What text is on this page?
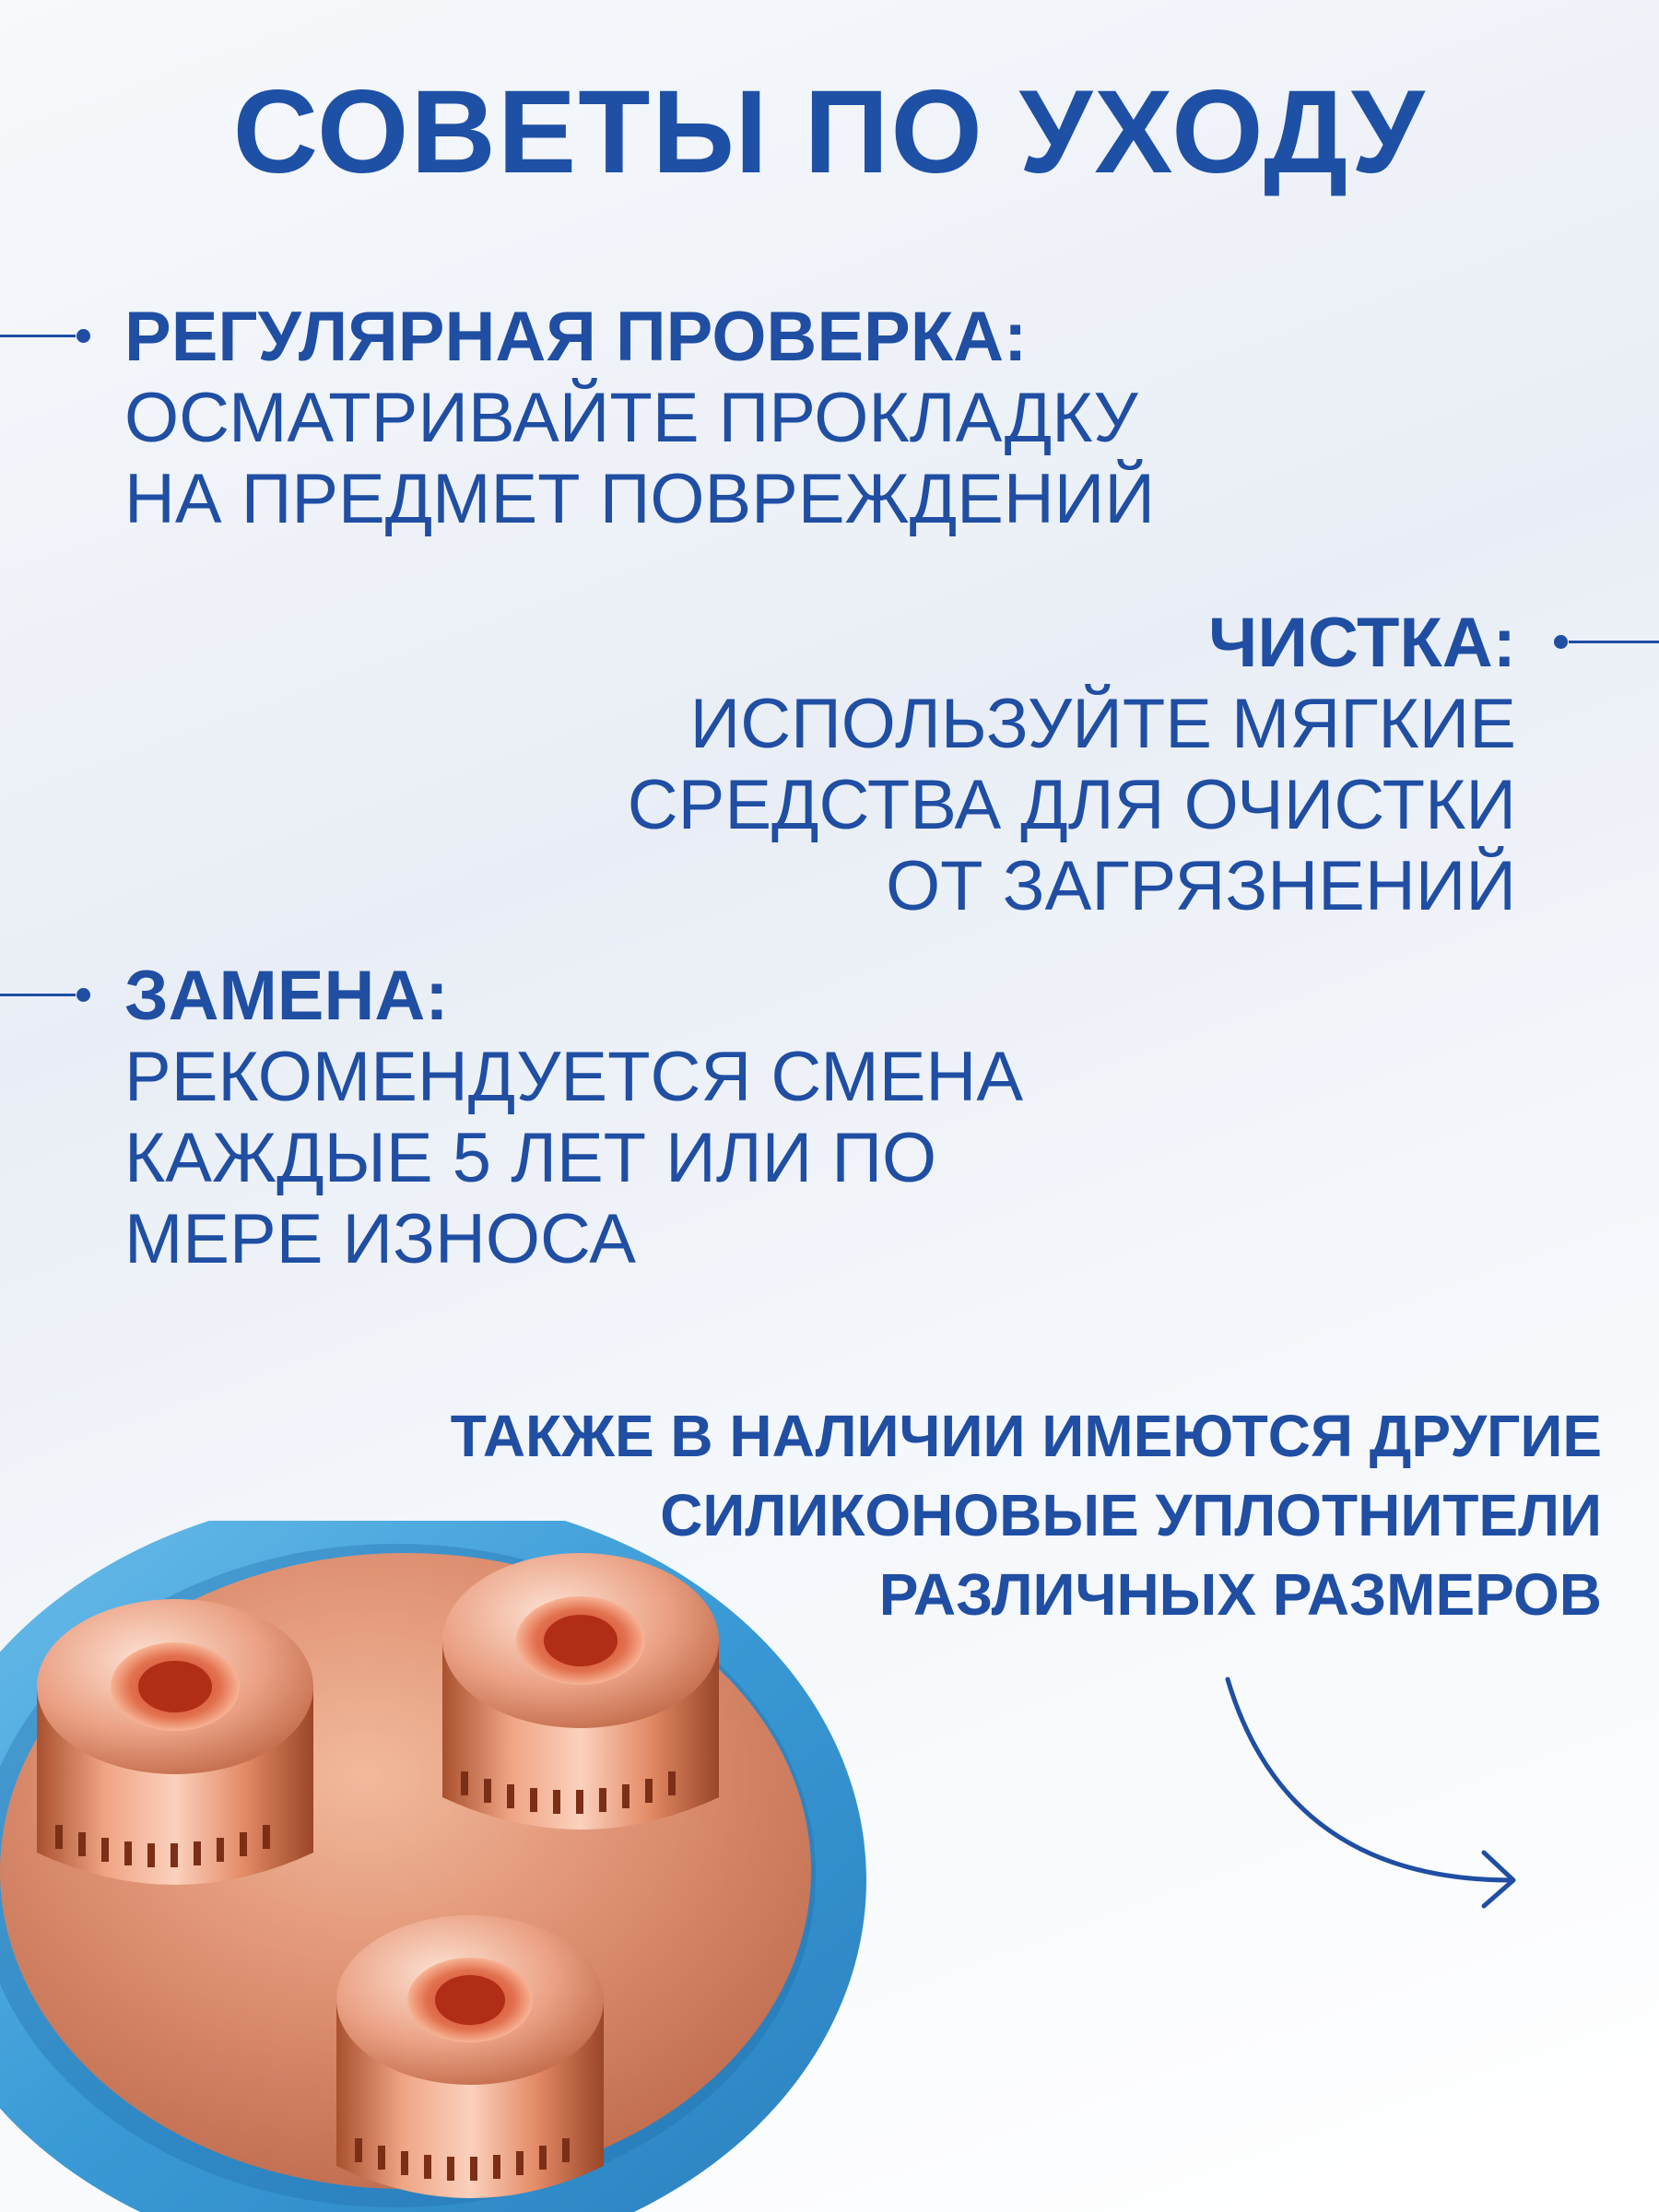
СОВЕТЫ ПО УХОДУ
РЕГУЛЯРНАЯ ПРОВЕРКА:
ОСМАТРИВАЙТЕ ПРОКЛАДКУ
НА ПРЕДМЕТ ПОВРЕЖДЕНИЙ
ЧИСТКА:
ИСПОЛЬЗУЙТЕ МЯГКИЕ
СРЕДСТВА ДЛЯ ОЧИСТКИ
ОТ ЗАГРЯЗНЕНИЙ
ЗАМЕНА:
РЕКОМЕНДУЕТСЯ СМЕНА
КАЖДЫЕ 5 ЛЕТ ИЛИ ПО
МЕРЕ ИЗНОСА
ТАКЖЕ В НАЛИЧИИ ИМЕЮТСЯ ДРУГИЕ
СИЛИКОНОВЫЕ УПЛОТНИТЕЛИ
РАЗЛИЧНЫХ РАЗМЕРОВ
